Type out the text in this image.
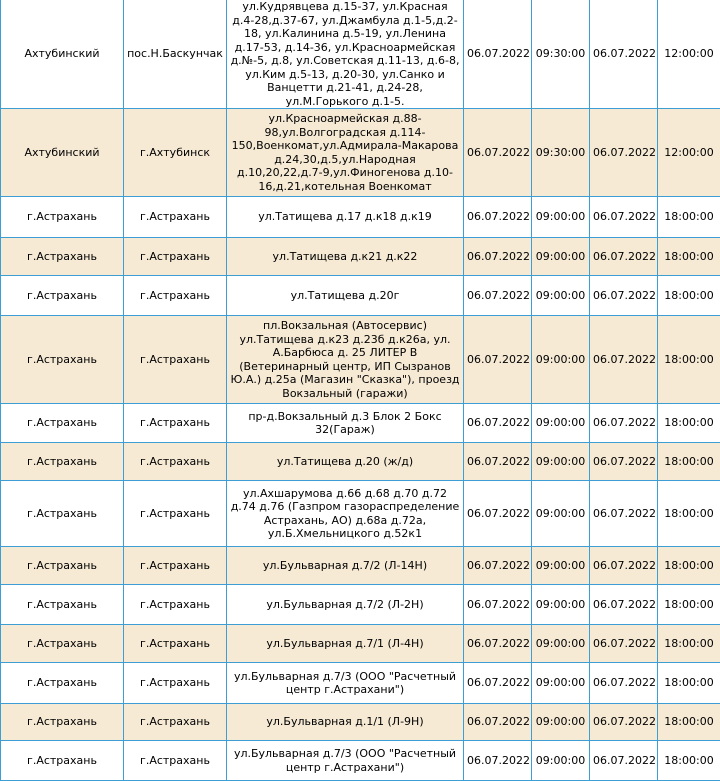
Ахтубинский	пос.Н.Баскунчак	ул.Кудрявцева д.15-37, ул.Красная д.4-28,д.37-67, ул.Джамбула д.1-5,д.2-18, ул.Калинина д.5-19, ул.Ленина д.17-53, д.14-36, ул.Красноармейская д.№-5, д.8, ул.Советская д.11-13, д.6-8, ул.Ким д.5-13, д.20-30, ул.Санко и Ванцетти д.21-41, д.24-28, ул.М.Горького д.1-5.	06.07.2022	09:30:00	06.07.2022	12:00:00
Ахтубинский	г.Ахтубинск	ул.Красноармейская д.88-98,ул.Волгоградская д.114-150,Военкомат,ул.Адмирала-Макарова д.24,30,д.5,ул.Народная д.10,20,22,д.7-9,ул.Финогенова д.10-16,д.21,котельная Военкомат	06.07.2022	09:30:00	06.07.2022	12:00:00
г.Астрахань	г.Астрахань	ул.Татищева д.17 д.к18 д.к19	06.07.2022	09:00:00	06.07.2022	18:00:00
г.Астрахань	г.Астрахань	ул.Татищева д.к21 д.к22	06.07.2022	09:00:00	06.07.2022	18:00:00
г.Астрахань	г.Астрахань	ул.Татищева д.20г	06.07.2022	09:00:00	06.07.2022	18:00:00
г.Астрахань	г.Астрахань	пл.Вокзальная (Автосервис) ул.Татищева д.к23 д.23б д.к26а, ул. А.Барбюса д. 25 ЛИТЕР В (Ветеринарный центр, ИП Сызранов Ю.А.) д.25а (Магазин "Сказка"), проезд Вокзальный (гаражи)	06.07.2022	09:00:00	06.07.2022	18:00:00
г.Астрахань	г.Астрахань	пр-д.Вокзальный д.3 Блок 2 Бокс 32(Гараж)	06.07.2022	09:00:00	06.07.2022	18:00:00
г.Астрахань	г.Астрахань	ул.Татищева д.20 (ж/д)	06.07.2022	09:00:00	06.07.2022	18:00:00
г.Астрахань	г.Астрахань	ул.Ахшарумова д.66 д.68 д.70 д.72 д.74 д.76 (Газпром газораспределение Астрахань, АО) д.68а д.72а, ул.Б.Хмельницкого д.52к1	06.07.2022	09:00:00	06.07.2022	18:00:00
г.Астрахань	г.Астрахань	ул.Бульварная д.7/2 (Л-14Н)	06.07.2022	09:00:00	06.07.2022	18:00:00
г.Астрахань	г.Астрахань	ул.Бульварная д.7/2 (Л-2Н)	06.07.2022	09:00:00	06.07.2022	18:00:00
г.Астрахань	г.Астрахань	ул.Бульварная д.7/1 (Л-4Н)	06.07.2022	09:00:00	06.07.2022	18:00:00
г.Астрахань	г.Астрахань	ул.Бульварная д.7/3 (ООО "Расчетный центр г.Астрахани")	06.07.2022	09:00:00	06.07.2022	18:00:00
г.Астрахань	г.Астрахань	ул.Бульварная д.1/1 (Л-9Н)	06.07.2022	09:00:00	06.07.2022	18:00:00
г.Астрахань	г.Астрахань	ул.Бульварная д.7/3 (ООО "Расчетный центр г.Астрахани")	06.07.2022	09:00:00	06.07.2022	18:00:00
